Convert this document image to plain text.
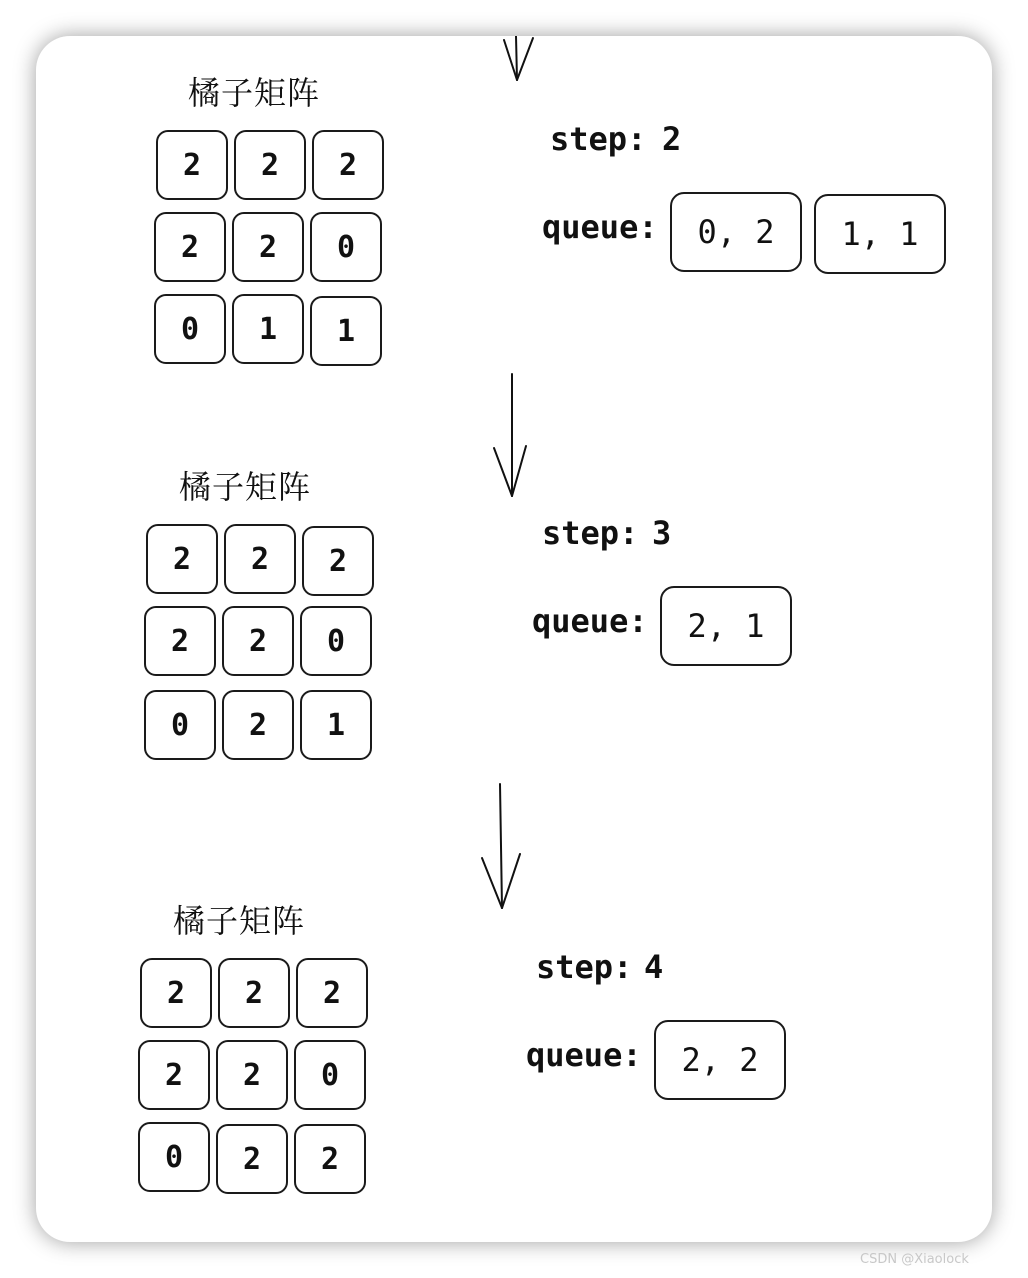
橘子矩阵
2	2	2
2	2	0
0	1	1
step: 2
queue:	0, 2	1, 1
橘子矩阵
2	2	2
2	2	0
0	2	1
step: 3
queue:	2, 1
橘子矩阵
2	2	2
2	2	0
0	2	2
step: 4
queue:	2, 2
CSDN @Xiaolock
